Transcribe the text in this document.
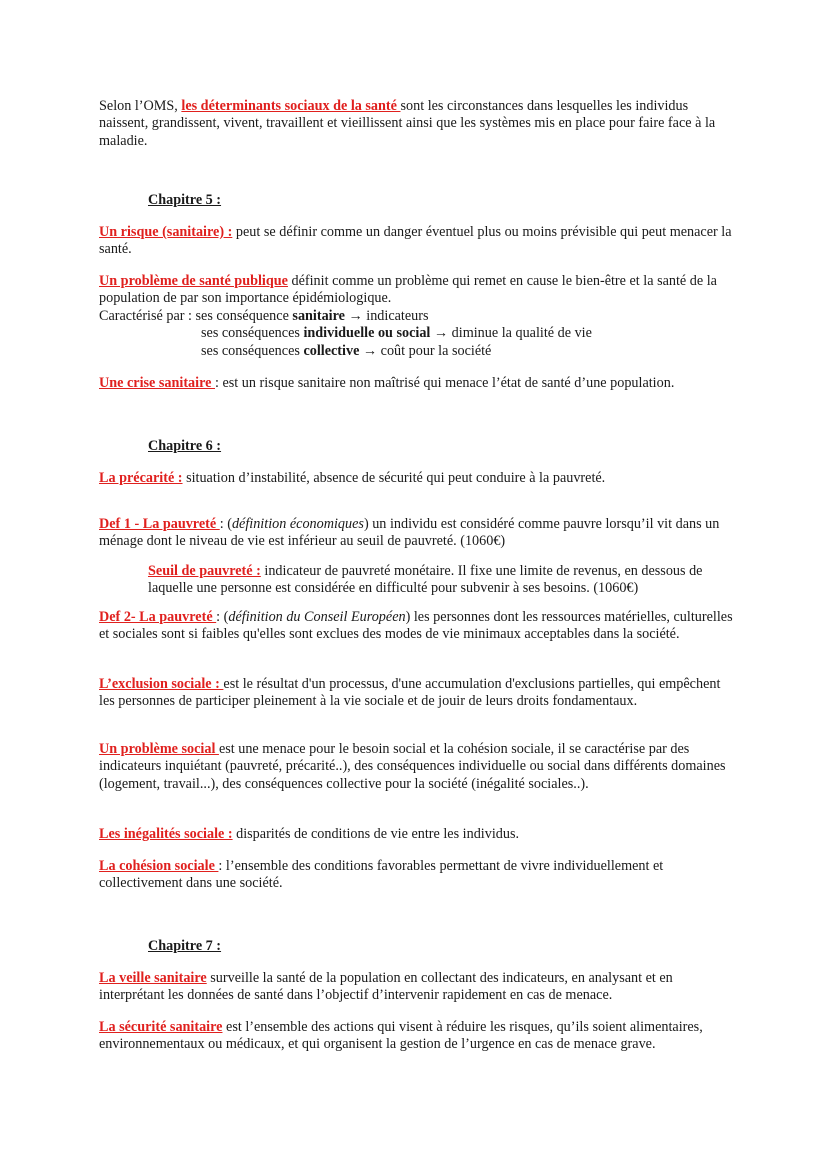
Selon l’OMS, les déterminants sociaux de la santé sont les circonstances dans lesquelles les individus naissent, grandissent, vivent, travaillent et vieillissent ainsi que les systèmes mis en place pour faire face à la maladie.

Chapitre 5 :

Un risque (sanitaire) : peut se définir comme un danger éventuel plus ou moins prévisible qui peut menacer la santé.

Un problème de santé publique définit comme un problème qui remet en cause le bien-être et la santé de la population de par son importance épidémiologique.

Caractérisé par : ses conséquence sanitaire → indicateurs
ses conséquences individuelle ou social → diminue la qualité de vie
ses conséquences collective → coût pour la société

Une crise sanitaire : est un risque sanitaire non maîtrisé qui menace l’état de santé d’une population.

Chapitre 6 :

La précarité : situation d’instabilité, absence de sécurité qui peut conduire à la pauvreté.

Def 1 - La pauvreté : (définition économiques) un individu est considéré comme pauvre lorsqu’il vit dans un ménage dont le niveau de vie est inférieur au seuil de pauvreté. (1060€)

Seuil de pauvreté : indicateur de pauvreté monétaire. Il fixe une limite de revenus, en dessous de laquelle une personne est considérée en difficulté pour subvenir à ses besoins. (1060€)

Def 2- La pauvreté : (définition du Conseil Européen) les personnes dont les ressources matérielles, culturelles et sociales sont si faibles qu'elles sont exclues des modes de vie minimaux acceptables dans la société.

L’exclusion sociale : est le résultat d'un processus, d'une accumulation d'exclusions partielles, qui empêchent les personnes de participer pleinement à la vie sociale et de jouir de leurs droits fondamentaux.

Un problème social est une menace pour le besoin social et la cohésion sociale, il se caractérise par des indicateurs inquiétant (pauvreté, précarité..), des conséquences individuelle ou social dans différents domaines (logement, travail...), des conséquences collective pour la société (inégalité sociales..).

Les inégalités sociale : disparités de conditions de vie entre les individus.

La cohésion sociale : l’ensemble des conditions favorables permettant de vivre individuellement et collectivement dans une société.

Chapitre 7 :

La veille sanitaire surveille la santé de la population en collectant des indicateurs, en analysant et en interprétant les données de santé dans l’objectif d’intervenir rapidement en cas de menace.

La sécurité sanitaire est l’ensemble des actions qui visent à réduire les risques, qu’ils soient alimentaires, environnementaux ou médicaux, et qui organisent la gestion de l’urgence en cas de menace grave.
